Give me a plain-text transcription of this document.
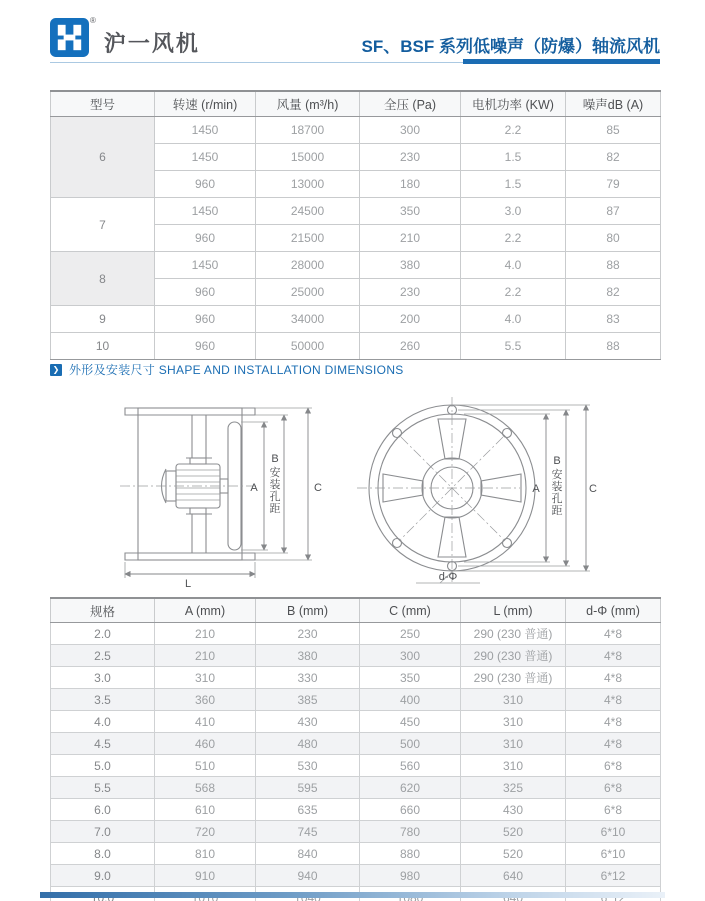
®
沪一风机	SF、BSF 系列低噪声（防爆）轴流风机
型号	转速 (r/min)	风量 (m³/h)	全压 (Pa)	电机功率 (KW)	噪声dB (A)
6	1450	18700	300	2.2	85
	1450	15000	230	1.5	82
	960	13000	180	1.5	79
7	1450	24500	350	3.0	87
	960	21500	210	2.2	80
8	1450	28000	380	4.0	88
	960	25000	230	2.2	82
9	960	34000	200	4.0	83
10	960	50000	260	5.5	88
❯ 外形及安装尺寸 SHAPE AND INSTALLATION DIMENSIONS
A
B
安装孔距
C
L
A
B
安装孔距
C
d-Φ
规格	A (mm)	B (mm)	C (mm)	L (mm)	d-Φ (mm)
2.0	210	230	250	290 (230 普通)	4*8
2.5	210	380	300	290 (230 普通)	4*8
3.0	310	330	350	290 (230 普通)	4*8
3.5	360	385	400	310	4*8
4.0	410	430	450	310	4*8
4.5	460	480	500	310	4*8
5.0	510	530	560	310	6*8
5.5	568	595	620	325	6*8
6.0	610	635	660	430	6*8
7.0	720	745	780	520	6*10
8.0	810	840	880	520	6*10
9.0	910	940	980	640	6*12
